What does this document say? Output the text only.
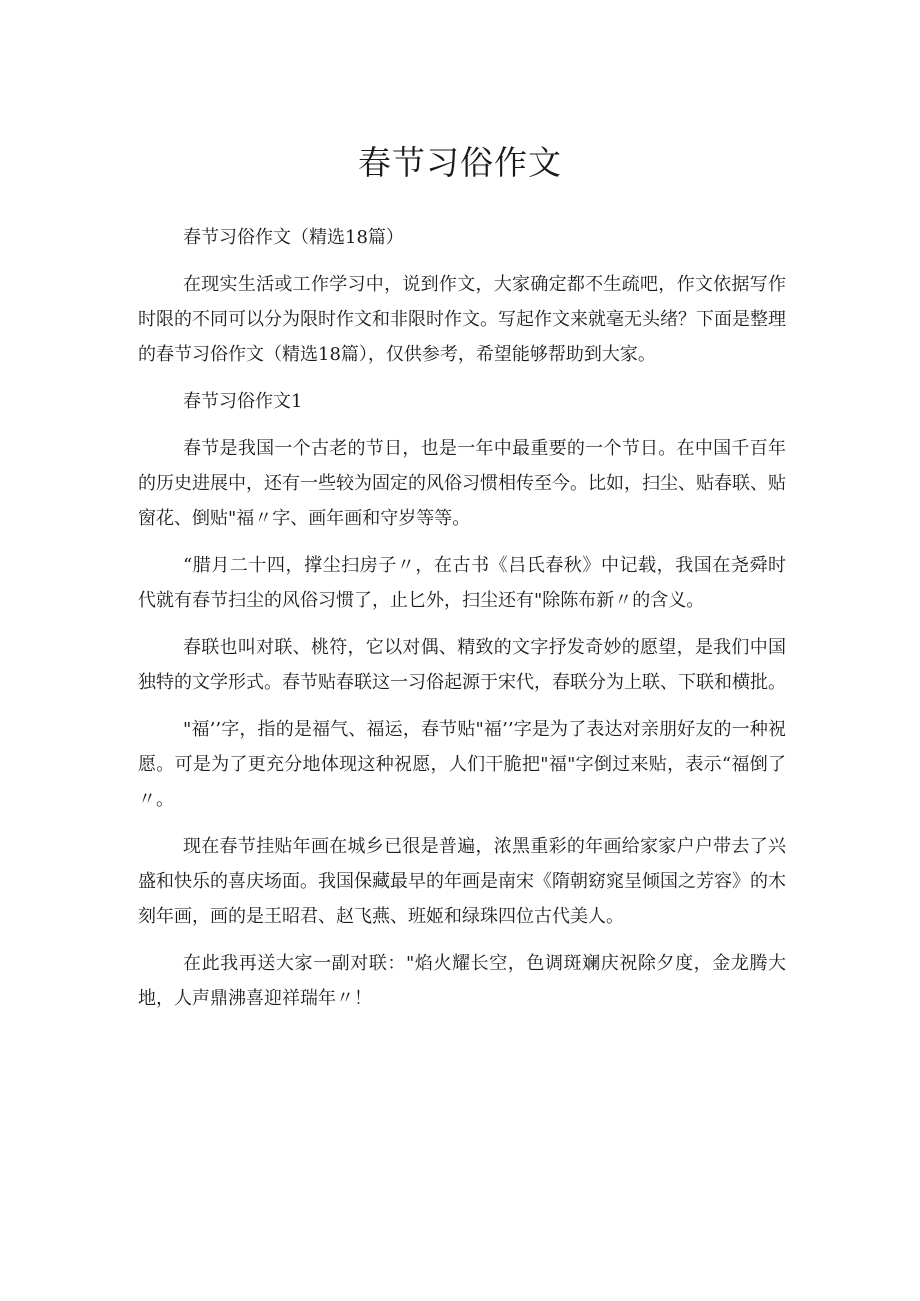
春节习俗作文

春节习俗作文（精选18篇）

在现实生活或工作学习中，说到作文，大家确定都不生疏吧，作文依据写作时限的不同可以分为限时作文和非限时作文。写起作文来就毫无头绪？下面是整理的春节习俗作文（精选18篇），仅供参考，希望能够帮助到大家。

春节习俗作文1

春节是我国一个古老的节日，也是一年中最重要的一个节日。在中国千百年的历史进展中，还有一些较为固定的风俗习惯相传至今。比如，扫尘、贴春联、贴窗花、倒贴"福〃字、画年画和守岁等等。

“腊月二十四，撑尘扫房子〃，在古书《吕氏春秋》中记载，我国在尧舜时代就有春节扫尘的风俗习惯了，止匕外，扫尘还有"除陈布新〃的含义。

春联也叫对联、桃符，它以对偶、精致的文字抒发奇妙的愿望，是我们中国独特的文学形式。春节贴春联这一习俗起源于宋代，春联分为上联、下联和横批。

"福’’字，指的是福气、福运，春节贴"福’’字是为了表达对亲朋好友的一种祝愿。可是为了更充分地体现这种祝愿，人们干脆把"福"字倒过来贴，表示“福倒了〃。

现在春节挂贴年画在城乡已很是普遍，浓黑重彩的年画给家家户户带去了兴盛和快乐的喜庆场面。我国保藏最早的年画是南宋《隋朝窈窕呈倾国之芳容》的木刻年画，画的是王昭君、赵飞燕、班姬和绿珠四位古代美人。

在此我再送大家一副对联："焰火耀长空，色调斑斓庆祝除夕度，金龙腾大地，人声鼎沸喜迎祥瑞年〃！
